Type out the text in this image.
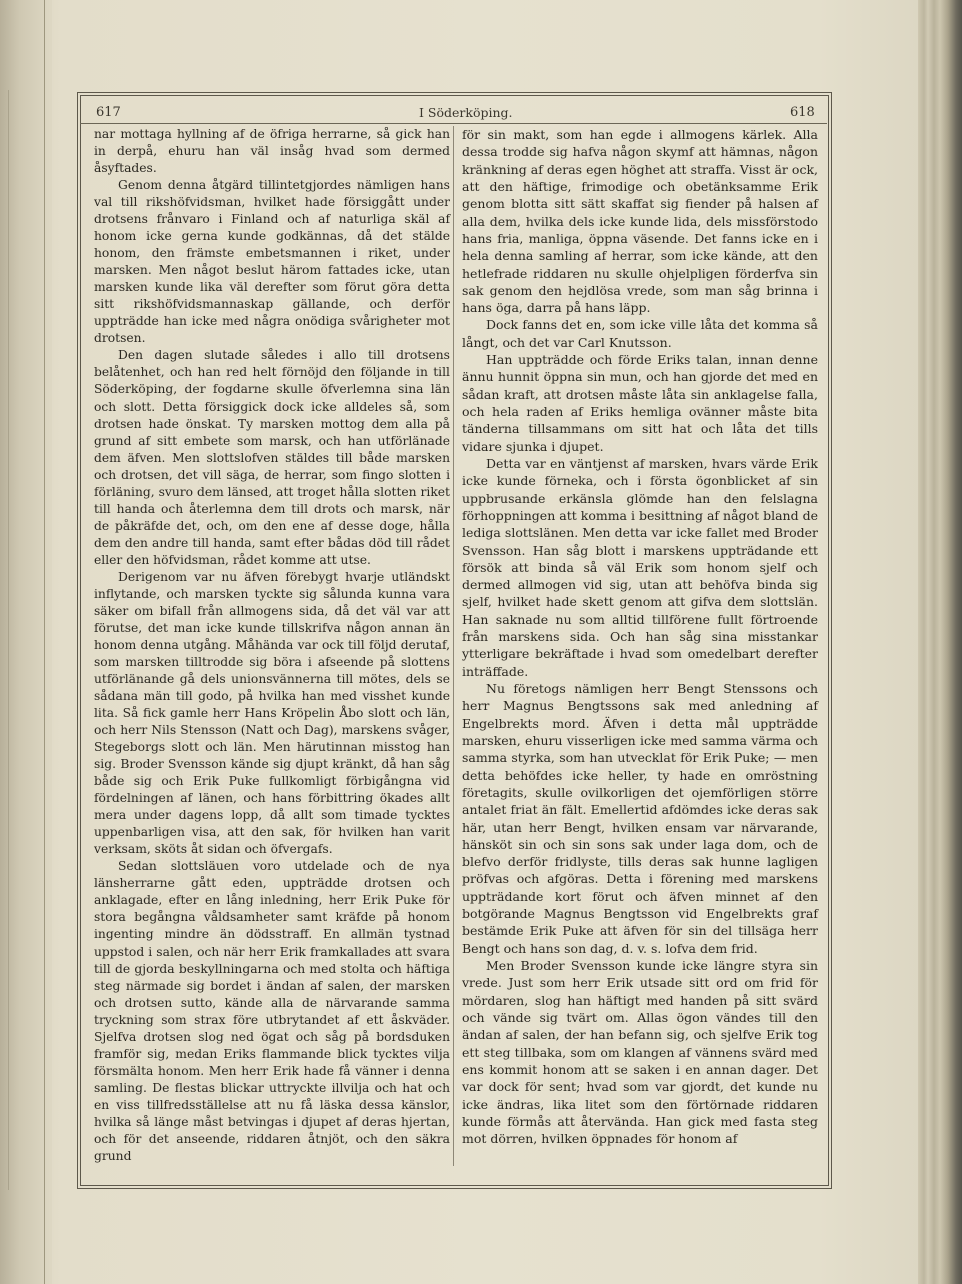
617	I Söderköping.	618

nar mottaga hyllning af de öfriga herrarne, så gick han in derpå, ehuru han väl insåg hvad som dermed åsyftades.

Genom denna åtgärd tillintetgjordes nämligen hans val till rikshöfvidsman, hvilket hade försiggått under drotsens frånvaro i Finland och af naturliga skäl af honom icke gerna kunde godkännas, då det stälde honom, den främste embetsmannen i riket, under marsken. Men något beslut härom fattades icke, utan marsken kunde lika väl derefter som förut göra detta sitt rikshöfvidsmannaskap gällande, och derför uppträdde han icke med några onödiga svårigheter mot drotsen.

Den dagen slutade således i allo till drotsens belåtenhet, och han red helt förnöjd den följande in till Söderköping, der fogdarne skulle öfverlemna sina län och slott. Detta försiggick dock icke alldeles så, som drotsen hade önskat. Ty marsken mottog dem alla på grund af sitt embete som marsk, och han utförlänade dem äfven. Men slottslofven stäldes till både marsken och drotsen, det vill säga, de herrar, som fingo slotten i förläning, svuro dem länsed, att troget hålla slotten riket till handa och återlemna dem till drots och marsk, när de påkräfde det, och, om den ene af desse doge, hålla dem den andre till handa, samt efter bådas död till rådet eller den höfvidsman, rådet komme att utse.

Derigenom var nu äfven förebygt hvarje utländskt inflytande, och marsken tyckte sig sålunda kunna vara säker om bifall från allmogens sida, då det väl var att förutse, det man icke kunde tillskrifva någon annan än honom denna utgång. Måhända var ock till följd derutaf, som marsken tilltrodde sig böra i afseende på slottens utförlänande gå dels unionsvännerna till mötes, dels se sådana män till godo, på hvilka han med visshet kunde lita. Så fick gamle herr Hans Kröpelin Åbo slott och län, och herr Nils Stensson (Natt och Dag), marskens svåger, Stegeborgs slott och län. Men härutinnan misstog han sig. Broder Svensson kände sig djupt kränkt, då han såg både sig och Erik Puke fullkomligt förbigångna vid fördelningen af länen, och hans förbittring ökades allt mera under dagens lopp, då allt som timade tycktes uppenbarligen visa, att den sak, för hvilken han varit verksam, sköts åt sidan och öfvergafs.

Sedan slottsläuen voro utdelade och de nya länsherrarne gått eden, uppträdde drotsen och anklagade, efter en lång inledning, herr Erik Puke för stora begångna våldsamheter samt kräfde på honom ingenting mindre än dödsstraff. En allmän tystnad uppstod i salen, och när herr Erik framkallades att svara till de gjorda beskyllningarna och med stolta och häftiga steg närmade sig bordet i ändan af salen, der marsken och drotsen sutto, kände alla de närvarande samma tryckning som strax före utbrytandet af ett åskväder. Sjelfva drotsen slog ned ögat och såg på bordsduken framför sig, medan Eriks flammande blick tycktes vilja försmälta honom. Men herr Erik hade få vänner i denna samling. De flestas blickar uttryckte illvilja och hat och en viss tillfredsställelse att nu få läska dessa känslor, hvilka så länge måst betvingas i djupet af deras hjertan, och för det anseende, riddaren åtnjöt, och den säkra grund

för sin makt, som han egde i allmogens kärlek. Alla dessa trodde sig hafva någon skymf att hämnas, någon kränkning af deras egen höghet att straffa. Visst är ock, att den häftige, frimodige och obetänksamme Erik genom blotta sitt sätt skaffat sig fiender på halsen af alla dem, hvilka dels icke kunde lida, dels missförstodo hans fria, manliga, öppna väsende. Det fanns icke en i hela denna samling af herrar, som icke kände, att den hetlefrade riddaren nu skulle ohjelpligen förderfva sin sak genom den hejdlösa vrede, som man såg brinna i hans öga, darra på hans läpp.

Dock fanns det en, som icke ville låta det komma så långt, och det var Carl Knutsson.

Han uppträdde och förde Eriks talan, innan denne ännu hunnit öppna sin mun, och han gjorde det med en sådan kraft, att drotsen måste låta sin anklagelse falla, och hela raden af Eriks hemliga ovänner måste bita tänderna tillsammans om sitt hat och låta det tills vidare sjunka i djupet.

Detta var en väntjenst af marsken, hvars värde Erik icke kunde förneka, och i första ögonblicket af sin uppbrusande erkänsla glömde han den felslagna förhoppningen att komma i besittning af något bland de lediga slottslänen. Men detta var icke fallet med Broder Svensson. Han såg blott i marskens uppträdande ett försök att binda så väl Erik som honom sjelf och dermed allmogen vid sig, utan att behöfva binda sig sjelf, hvilket hade skett genom att gifva dem slottslän. Han saknade nu som alltid tillförene fullt förtroende från marskens sida. Och han såg sina misstankar ytterligare bekräftade i hvad som omedelbart derefter inträffade.

Nu företogs nämligen herr Bengt Stenssons och herr Magnus Bengtssons sak med anledning af Engelbrekts mord. Äfven i detta mål uppträdde marsken, ehuru visserligen icke med samma värma och samma styrka, som han utvecklat för Erik Puke; — men detta behöfdes icke heller, ty hade en omröstning företagits, skulle ovilkorligen det ojemförligen större antalet friat än fält. Emellertid afdömdes icke deras sak här, utan herr Bengt, hvilken ensam var närvarande, hänsköt sin och sin sons sak under laga dom, och de blefvo derför fridlyste, tills deras sak hunne lagligen pröfvas och afgöras. Detta i förening med marskens uppträdande kort förut och äfven minnet af den botgörande Magnus Bengtsson vid Engelbrekts graf bestämde Erik Puke att äfven för sin del tillsäga herr Bengt och hans son dag, d. v. s. lofva dem frid.

Men Broder Svensson kunde icke längre styra sin vrede. Just som herr Erik utsade sitt ord om frid för mördaren, slog han häftigt med handen på sitt svärd och vände sig tvärt om. Allas ögon vändes till den ändan af salen, der han befann sig, och sjelfve Erik tog ett steg tillbaka, som om klangen af vännens svärd med ens kommit honom att se saken i en annan dager. Det var dock för sent; hvad som var gjordt, det kunde nu icke ändras, lika litet som den förtörnade riddaren kunde förmås att återvända. Han gick med fasta steg mot dörren, hvilken öppnades för honom af
